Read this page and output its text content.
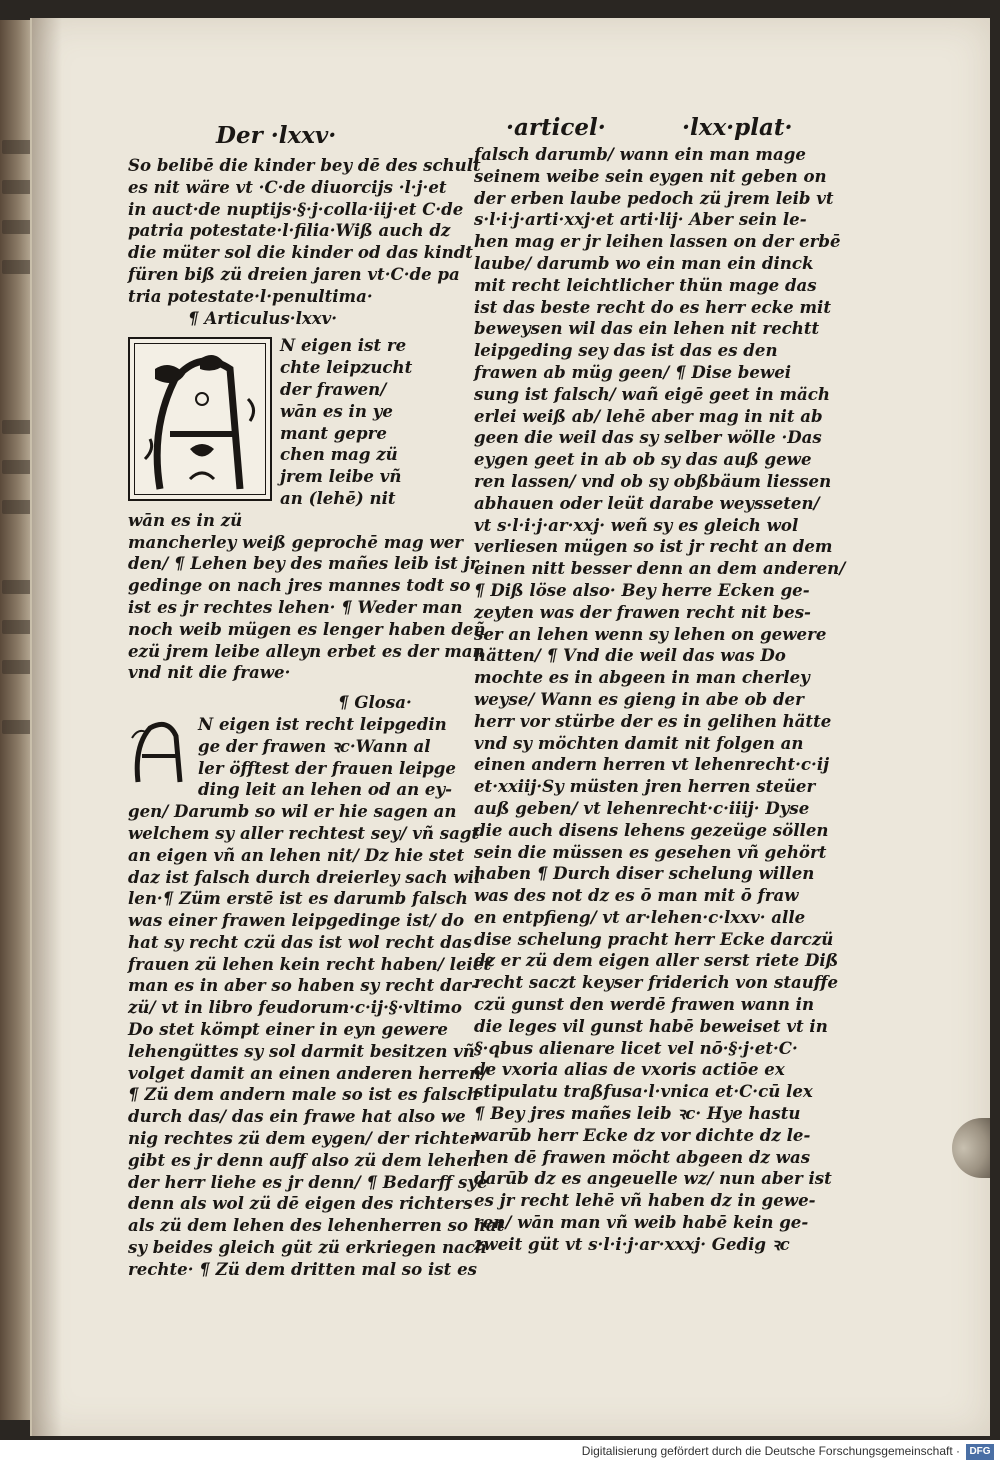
Der ·lxxv·	·articel·	·lxx·plat·
So belibē die kinder bey dē des schult
es nit wäre vt ·C·de diuorcijs ·l·j·et
in auct·de nuptijs·§·j·colla·iij·et C·de
patria potestate·l·filia·Wiß auch dz
die müter sol die kinder od das kindt
füren biß zü dreien jaren vt·C·de pa
tria potestate·l·penultima·
¶ Articulus·lxxv·
N eigen ist re
chte leipzucht
der frawen/
wān es in ye
mant gepre
chen mag zü
jrem leibe vñ
an (lehē) nit
wān es in zü
mancherley weiß geprochē mag wer
den/ ¶ Lehen bey des mañes leib ist jr
gedinge on nach jres mannes todt so
ist es jr rechtes lehen· ¶ Weder man
noch weib mügen es lenger haben deñ
ezü jrem leibe alleyn erbet es der man
vnd nit die frawe·
¶ Glosa·
N eigen ist recht leipgedin
ge der frawen ꝛc·Wann al
ler öfftest der frauen leipge
ding leit an lehen od an ey-
gen/ Darumb so wil er hie sagen an
welchem sy aller rechtest sey/ vñ sagt
an eigen vñ an lehen nit/ Dz hie stet
daz ist falsch durch dreierley sach wil
len·¶ Züm erstē ist es darumb falsch
was einer frawen leipgedinge ist/ do
hat sy recht czü das ist wol recht das
frauen zü lehen kein recht haben/ leiet
man es in aber so haben sy recht dar-
zü/ vt in libro feudorum·c·ij·§·vltimo
Do stet kömpt einer in eyn gewere
lehengüttes sy sol darmit besitzen vñ
volget damit an einen anderen herren/
¶ Zü dem andern male so ist es falsch
durch das/ das ein frawe hat also we
nig rechtes zü dem eygen/ der richter
gibt es jr denn auff also zü dem lehen
der herr liehe es jr denn/ ¶ Bedarff sye
denn als wol zü dē eigen des richters
als zü dem lehen des lehenherren so hat
sy beides gleich güt zü erkriegen nach
rechte· ¶ Zü dem dritten mal so ist es
falsch darumb/ wann ein man mage
seinem weibe sein eygen nit geben on
der erben laube pedoch zü jrem leib vt
s·l·i·j·arti·xxj·et arti·lij· Aber sein le-
hen mag er jr leihen lassen on der erbē
laube/ darumb wo ein man ein dinck
mit recht leichtlicher thün mage das
ist das beste recht do es herr ecke mit
beweysen wil das ein lehen nit rechtt
leipgeding sey das ist das es den
frawen ab müg geen/ ¶ Dise bewei
sung ist falsch/ wañ eigē geet in mäch
erlei weiß ab/ lehē aber mag in nit ab
geen die weil das sy selber wölle ·Das
eygen geet in ab ob sy das auß gewe
ren lassen/ vnd ob sy obßbäum liessen
abhauen oder leüt darabe weysseten/
vt s·l·i·j·ar·xxj· weñ sy es gleich wol
verliesen mügen so ist jr recht an dem
einen nitt besser denn an dem anderen/
¶ Diß löse also· Bey herre Ecken ge-
zeyten was der frawen recht nit bes-
ser an lehen wenn sy lehen on gewere
hätten/ ¶ Vnd die weil das was Do
mochte es in abgeen in man cherley
weyse/ Wann es gieng in abe ob der
herr vor stürbe der es in gelihen hätte
vnd sy möchten damit nit folgen an
einen andern herren vt lehenrecht·c·ij
et·xxiij·Sy müsten jren herren steüer
auß geben/ vt lehenrecht·c·iiij· Dyse
die auch disens lehens gezeüge söllen
sein die müssen es gesehen vñ gehört
haben ¶ Durch diser schelung willen
was des not dz es ō man mit ō fraw
en entpfieng/ vt ar·lehen·c·lxxv· alle
dise schelung pracht herr Ecke darczü
dz er zü dem eigen aller serst riete Diß
recht saczt keyser friderich von stauffe
czü gunst den werdē frawen wann in
die leges vil gunst habē beweiset vt in
§·qbus alienare licet vel nō·§·j·et·C·
de vxoria alias de vxoris actiōe ex
stipulatu traßfusa·l·vnica et·C·cū lex
¶ Bey jres mañes leib ꝛc· Hye hastu
warūb herr Ecke dz vor dichte dz le-
hen dē frawen möcht abgeen dz was
darūb dz es angeuelle wz/ nun aber ist
es jr recht lehē vñ haben dz in gewe-
ren/ wān man vñ weib habē kein ge-
zweit güt vt s·l·i·j·ar·xxxj· Gedig ꝛc
Digitalisierung gefördert durch die Deutsche Forschungsgemeinschaft · DFG
